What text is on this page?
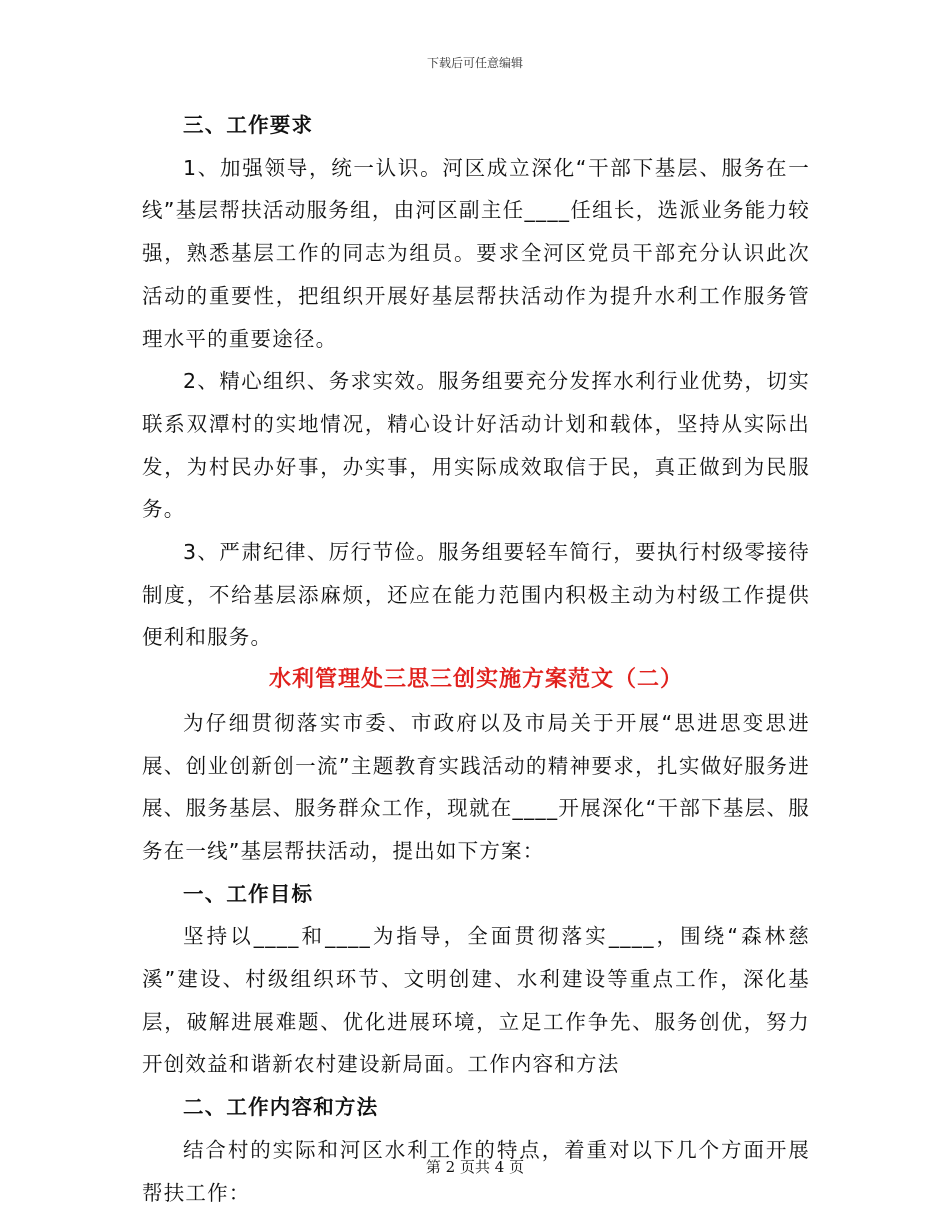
下载后可任意编辑

三、工作要求

1、加强领导，统一认识。河区成立深化“干部下基层、服务在一线”基层帮扶活动服务组，由河区副主任____任组长，选派业务能力较强，熟悉基层工作的同志为组员。要求全河区党员干部充分认识此次活动的重要性，把组织开展好基层帮扶活动作为提升水利工作服务管理水平的重要途径。

2、精心组织、务求实效。服务组要充分发挥水利行业优势，切实联系双潭村的实地情况，精心设计好活动计划和载体，坚持从实际出发，为村民办好事，办实事，用实际成效取信于民，真正做到为民服务。

3、严肃纪律、厉行节俭。服务组要轻车简行，要执行村级零接待制度，不给基层添麻烦，还应在能力范围内积极主动为村级工作提供便利和服务。

水利管理处三思三创实施方案范文（二）

为仔细贯彻落实市委、市政府以及市局关于开展“思进思变思进展、创业创新创一流”主题教育实践活动的精神要求，扎实做好服务进展、服务基层、服务群众工作，现就在____开展深化“干部下基层、服务在一线”基层帮扶活动，提出如下方案：

一、工作目标

坚持以____和____为指导，全面贯彻落实____，围绕“森林慈溪”建设、村级组织环节、文明创建、水利建设等重点工作，深化基层，破解进展难题、优化进展环境，立足工作争先、服务创优，努力开创效益和谐新农村建设新局面。工作内容和方法

二、工作内容和方法

结合村的实际和河区水利工作的特点，着重对以下几个方面开展帮扶工作：

第 2 页共 4 页
